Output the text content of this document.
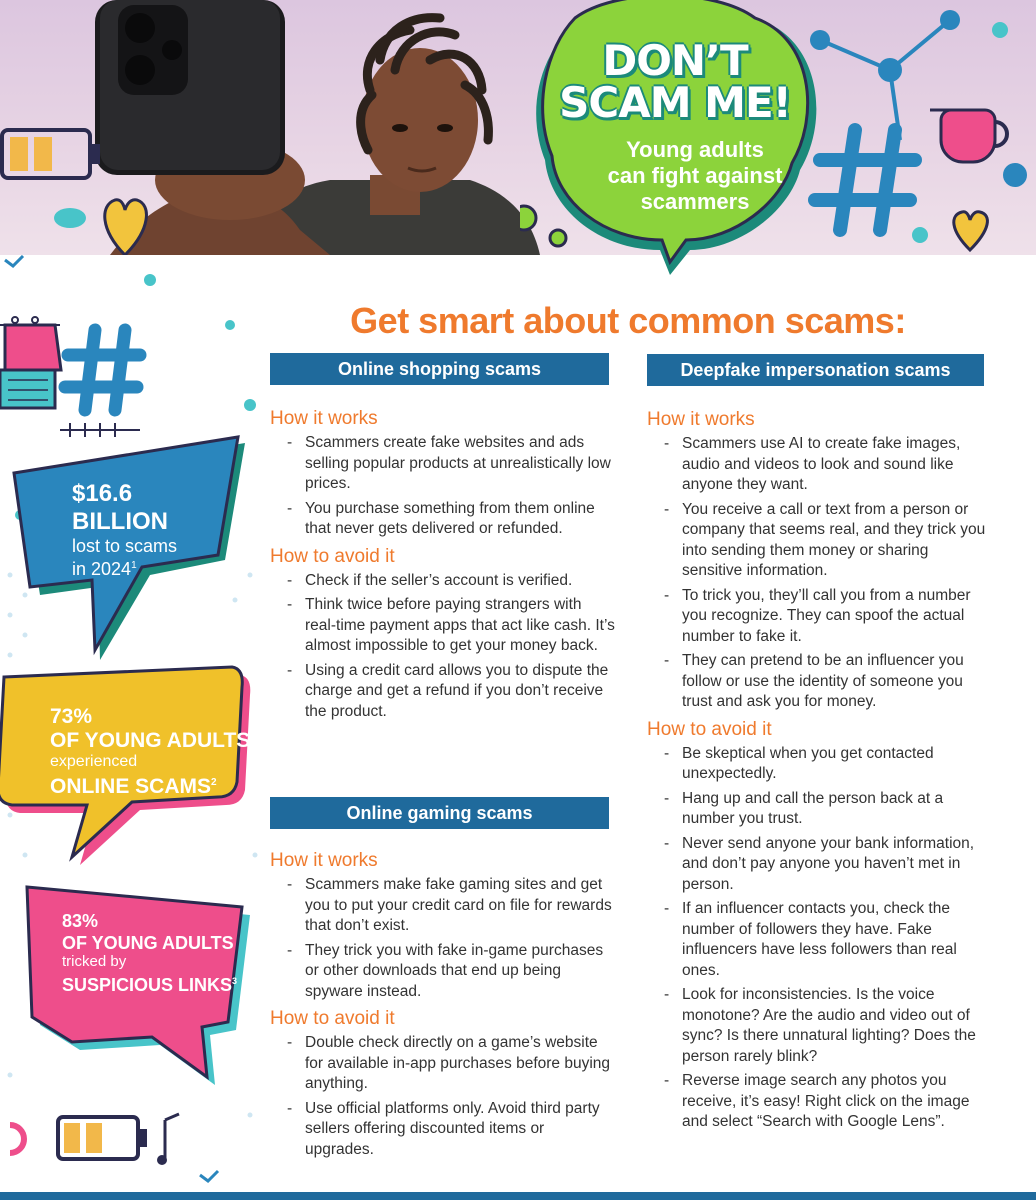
DON’T
SCAM ME!
Young adults
can fight against
scammers
$16.6
BILLION
lost to scams
in 2024$^1$
73%
OF YOUNG ADULTS
experienced
ONLINE SCAMS$^2$
83%
OF YOUNG ADULTS
tricked by
SUSPICIOUS LINKS$^3$
Get smart about common scams:
Online shopping scams	Deepfake impersonation scams
Online gaming scams
How it works
- Scammers create fake websites and ads selling popular products at unrealistically low prices.
- You purchase something from them online that never gets delivered or refunded.
How to avoid it
- Check if the seller’s account is verified.
- Think twice before paying strangers with real-time payment apps that act like cash. It’s almost impossible to get your money back.
- Using a credit card allows you to dispute the charge and get a refund if you don’t receive the product.
How it works
- Scammers make fake gaming sites and get you to put your credit card on file for rewards that don’t exist.
- They trick you with fake in-game purchases or other downloads that end up being spyware instead.
How to avoid it
- Double check directly on a game’s website for available in-app purchases before buying anything.
- Use official platforms only. Avoid third party sellers offering discounted items or upgrades.
How it works
- Scammers use AI to create fake images, audio and videos to look and sound like anyone they want.
- You receive a call or text from a person or company that seems real, and they trick you into sending them money or sharing sensitive information.
- To trick you, they’ll call you from a number you recognize. They can spoof the actual number to fake it.
- They can pretend to be an influencer you follow or use the identity of someone you trust and ask you for money.
How to avoid it
- Be skeptical when you get contacted unexpectedly.
- Hang up and call the person back at a number you trust.
- Never send anyone your bank information, and don’t pay anyone you haven’t met in person.
- If an influencer contacts you, check the number of followers they have. Fake influencers have less followers than real ones.
- Look for inconsistencies. Is the voice monotone? Are the audio and video out of sync? Is there unnatural lighting? Does the person rarely blink?
- Reverse image search any photos you receive, it’s easy! Right click on the image and select “Search with Google Lens”.
